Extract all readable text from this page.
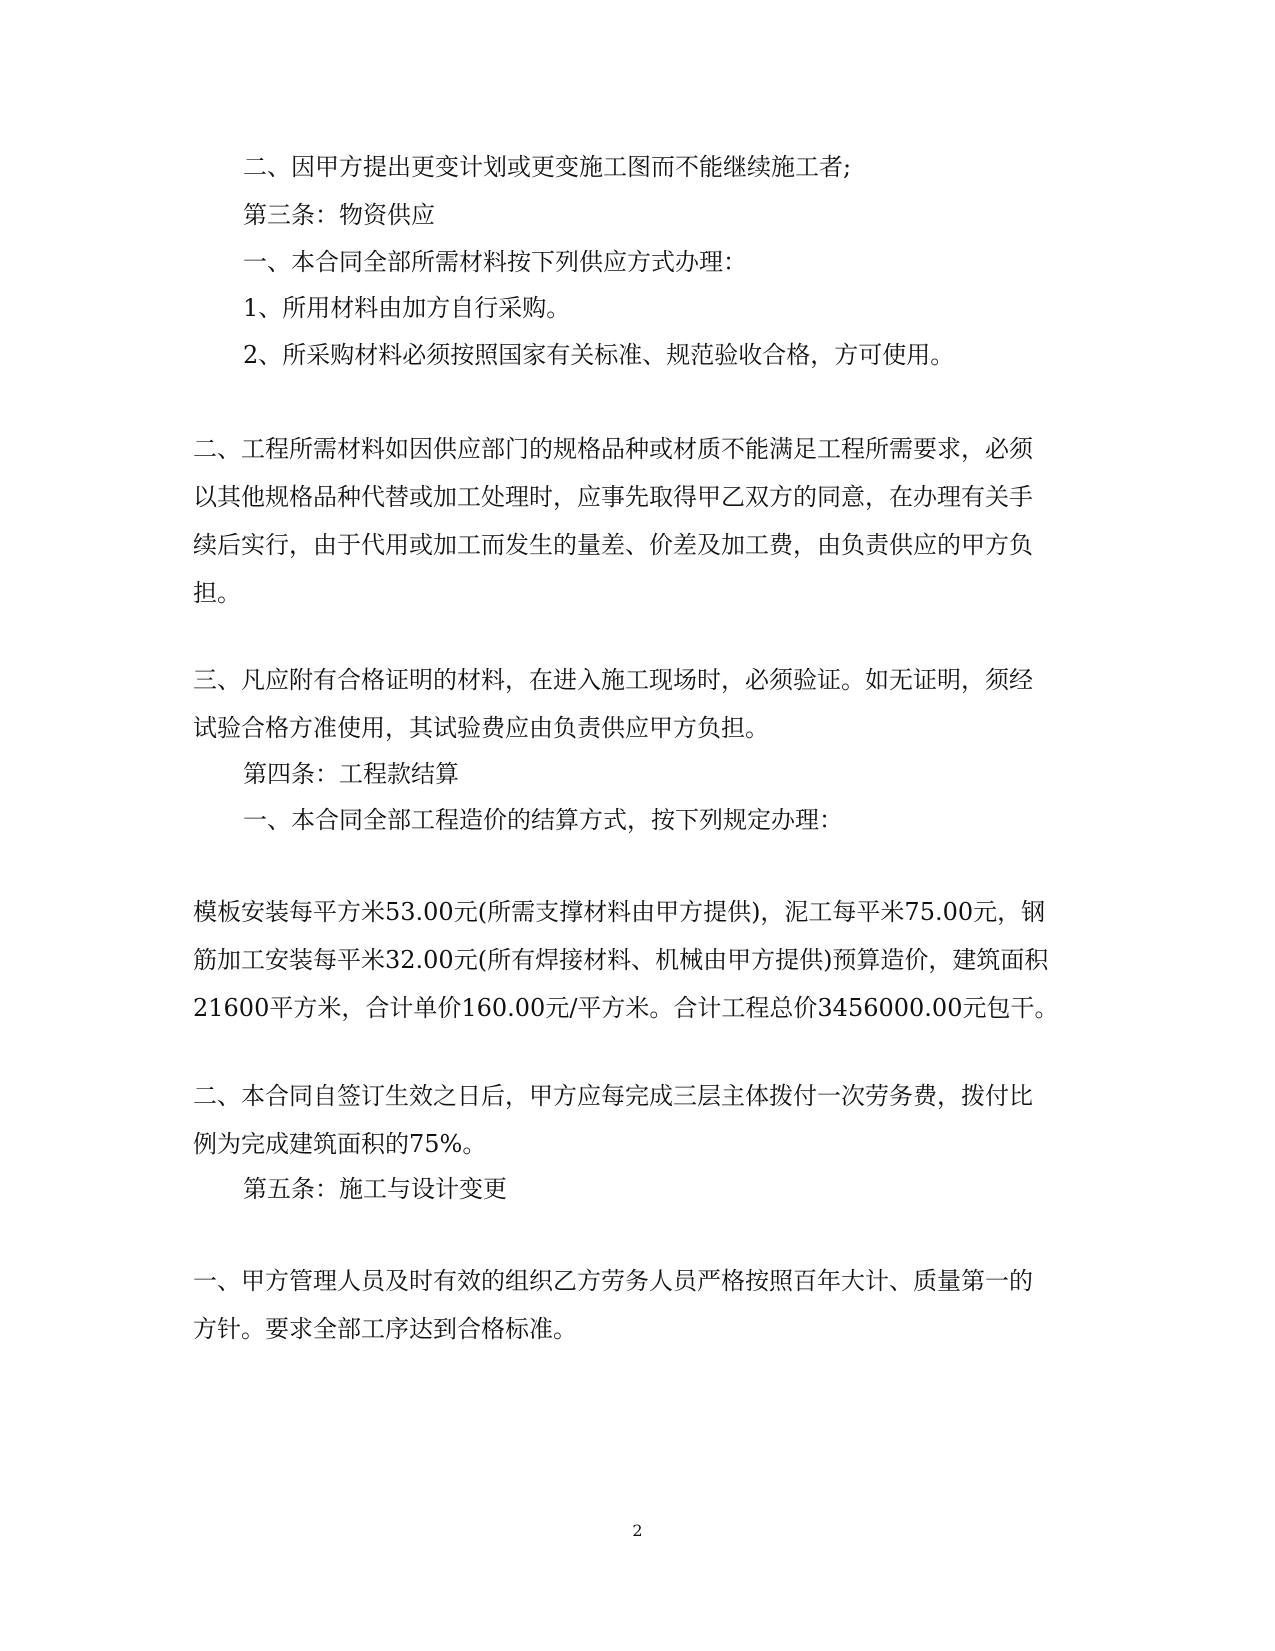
二、因甲方提出更变计划或更变施工图而不能继续施工者;

第三条：物资供应

一、本合同全部所需材料按下列供应方式办理：

1、所用材料由加方自行采购。

2、所采购材料必须按照国家有关标准、规范验收合格，方可使用。

二、工程所需材料如因供应部门的规格品种或材质不能满足工程所需要求，必须
以其他规格品种代替或加工处理时，应事先取得甲乙双方的同意，在办理有关手
续后实行，由于代用或加工而发生的量差、价差及加工费，由负责供应的甲方负
担。

三、凡应附有合格证明的材料，在进入施工现场时，必须验证。如无证明，须经
试验合格方准使用，其试验费应由负责供应甲方负担。

第四条：工程款结算

一、本合同全部工程造价的结算方式，按下列规定办理：

模板安装每平方米53.00元(所需支撑材料由甲方提供)，泥工每平米75.00元，钢
筋加工安装每平米32.00元(所有焊接材料、机械由甲方提供)预算造价，建筑面积
21600平方米，合计单价160.00元/平方米。合计工程总价3456000.00元包干。

二、本合同自签订生效之日后，甲方应每完成三层主体拨付一次劳务费，拨付比
例为完成建筑面积的75%。

第五条：施工与设计变更

一、甲方管理人员及时有效的组织乙方劳务人员严格按照百年大计、质量第一的
方针。要求全部工序达到合格标准。

2
